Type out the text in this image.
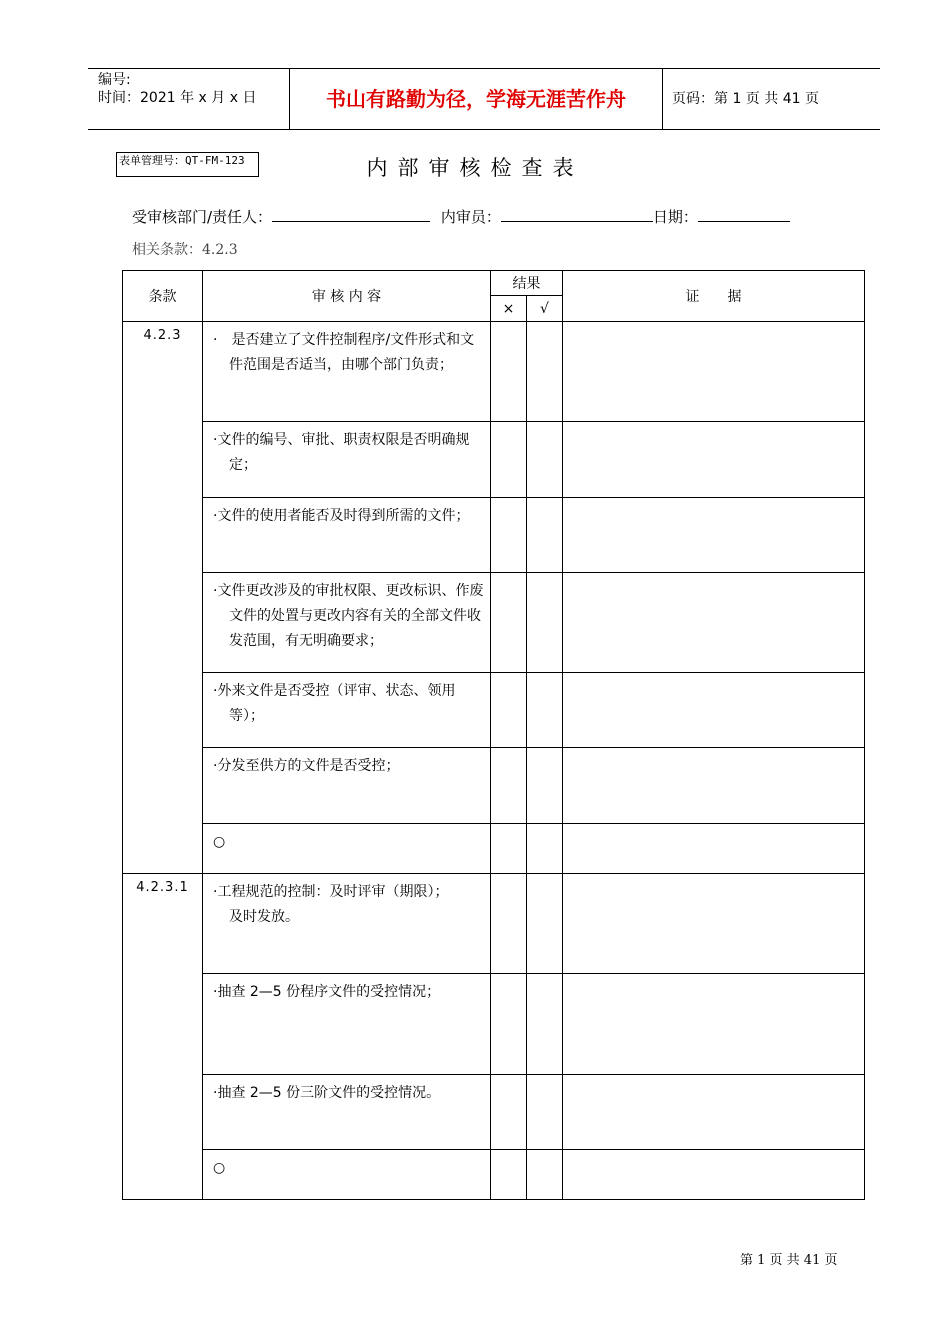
编号:
时间：2021 年 x 月 x 日	书山有路勤为径，学海无涯苦作舟	页码：第 1 页 共 41 页
表单管理号：QT-FM-123	内部审核检查表
受审核部门/责任人：	内审员：	日期：
相关条款：4.2.3
条款	审 核 内 容	结果		证　　据
		×	√	
4.2.3	·　是否建立了文件控制程序/文件形式和文件范围是否适当，由哪个部门负责；			

	·文件的编号、审批、职责权限是否明确规定；			

	·文件的使用者能否及时得到所需的文件；			

	·文件更改涉及的审批权限、更改标识、作废文件的处置与更改内容有关的全部文件收发范围，有无明确要求；			

	·外来文件是否受控（评审、状态、领用等）；			

	·分发至供方的文件是否受控；			

	○			

4.2.3.1	·工程规范的控制：及时评审（期限）；
及时发放。			

	·抽查 2—5 份程序文件的受控情况；			

	·抽查 2—5 份三阶文件的受控情况。			

	○			

第 1 页 共 41 页
